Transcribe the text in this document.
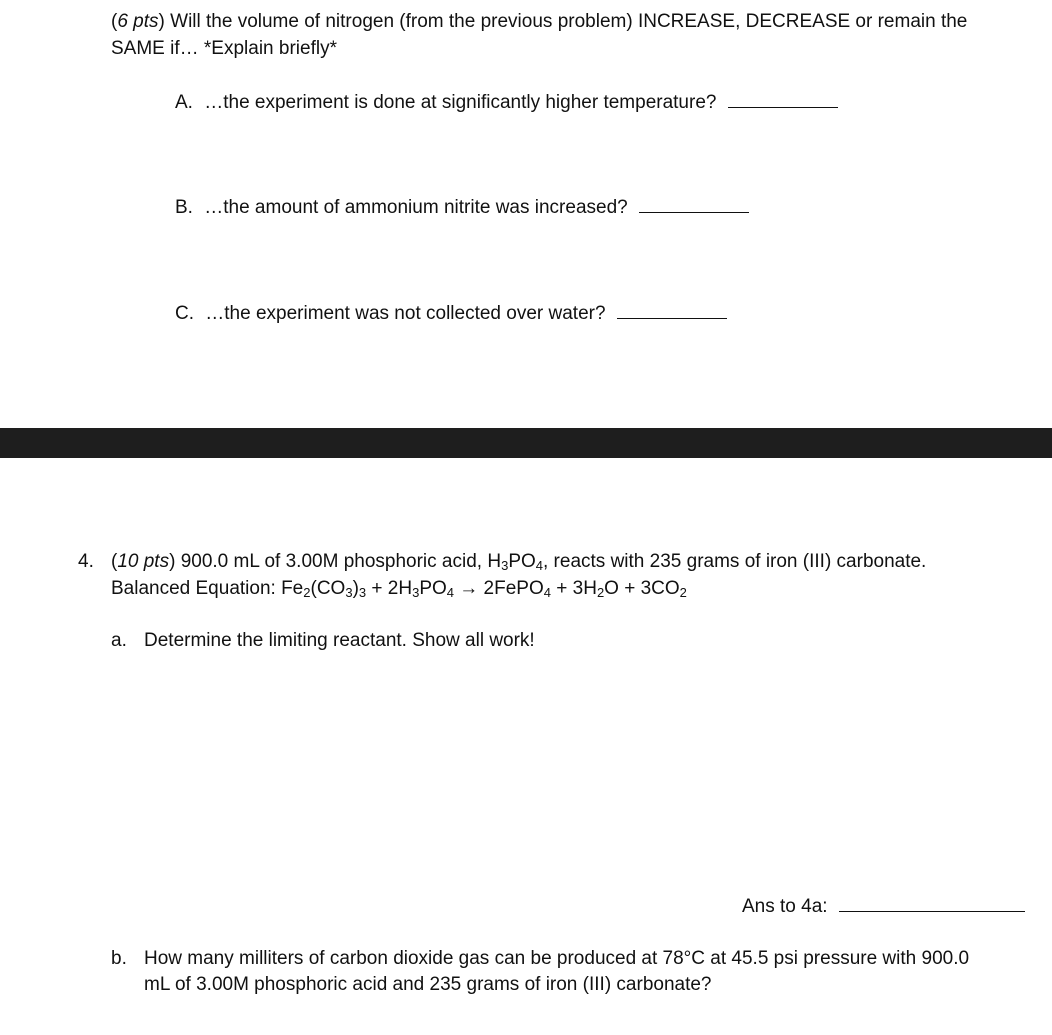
(6 pts) Will the volume of nitrogen (from the previous problem) INCREASE, DECREASE or remain the
SAME if… *Explain briefly*
A. …the experiment is done at significantly higher temperature?
B. …the amount of ammonium nitrite was increased?
C. …the experiment was not collected over water?
4. (10 pts) 900.0 mL of 3.00M phosphoric acid, $H_3PO_4$, reacts with 235 grams of iron (III) carbonate.
Balanced Equation: $Fe_2(CO_3)_3 + 2H_3PO_4$ → 2FePO$_4$ + $3H_2O + 3CO_2$
a. Determine the limiting reactant. Show all work!
Ans to 4a:
b. How many milliters of carbon dioxide gas can be produced at 78°C at 45.5 psi pressure with 900.0
mL of 3.00M phosphoric acid and 235 grams of iron (III) carbonate?
